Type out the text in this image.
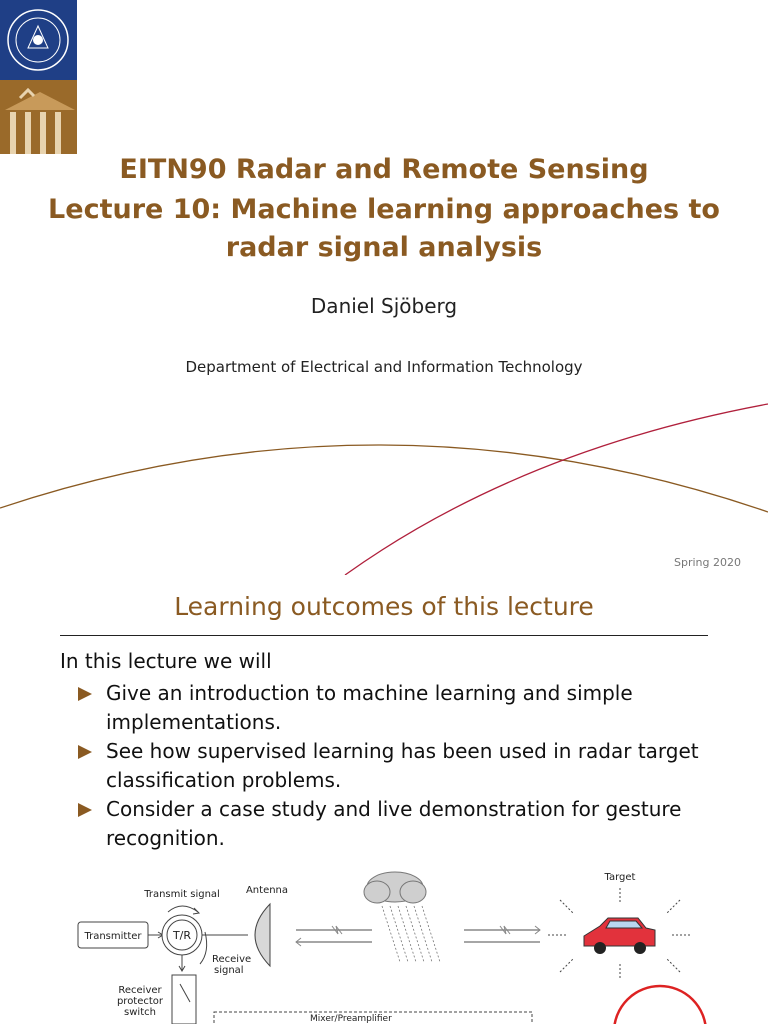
EITN90 Radar and Remote Sensing
Lecture 10: Machine learning approaches to
radar signal analysis
Daniel Sjöberg
Department of Electrical and Information Technology
Spring 2020
Learning outcomes of this lecture
In this lecture we will
Give an introduction to machine learning and simple implementations.
See how supervised learning has been used in radar target classification problems.
Consider a case study and live demonstration for gesture recognition.
Transmitter	T/R
Transmit signal
Receive
signal
Receiver
protector
switch
Mixer/Preamplifier
Antenna
Target
